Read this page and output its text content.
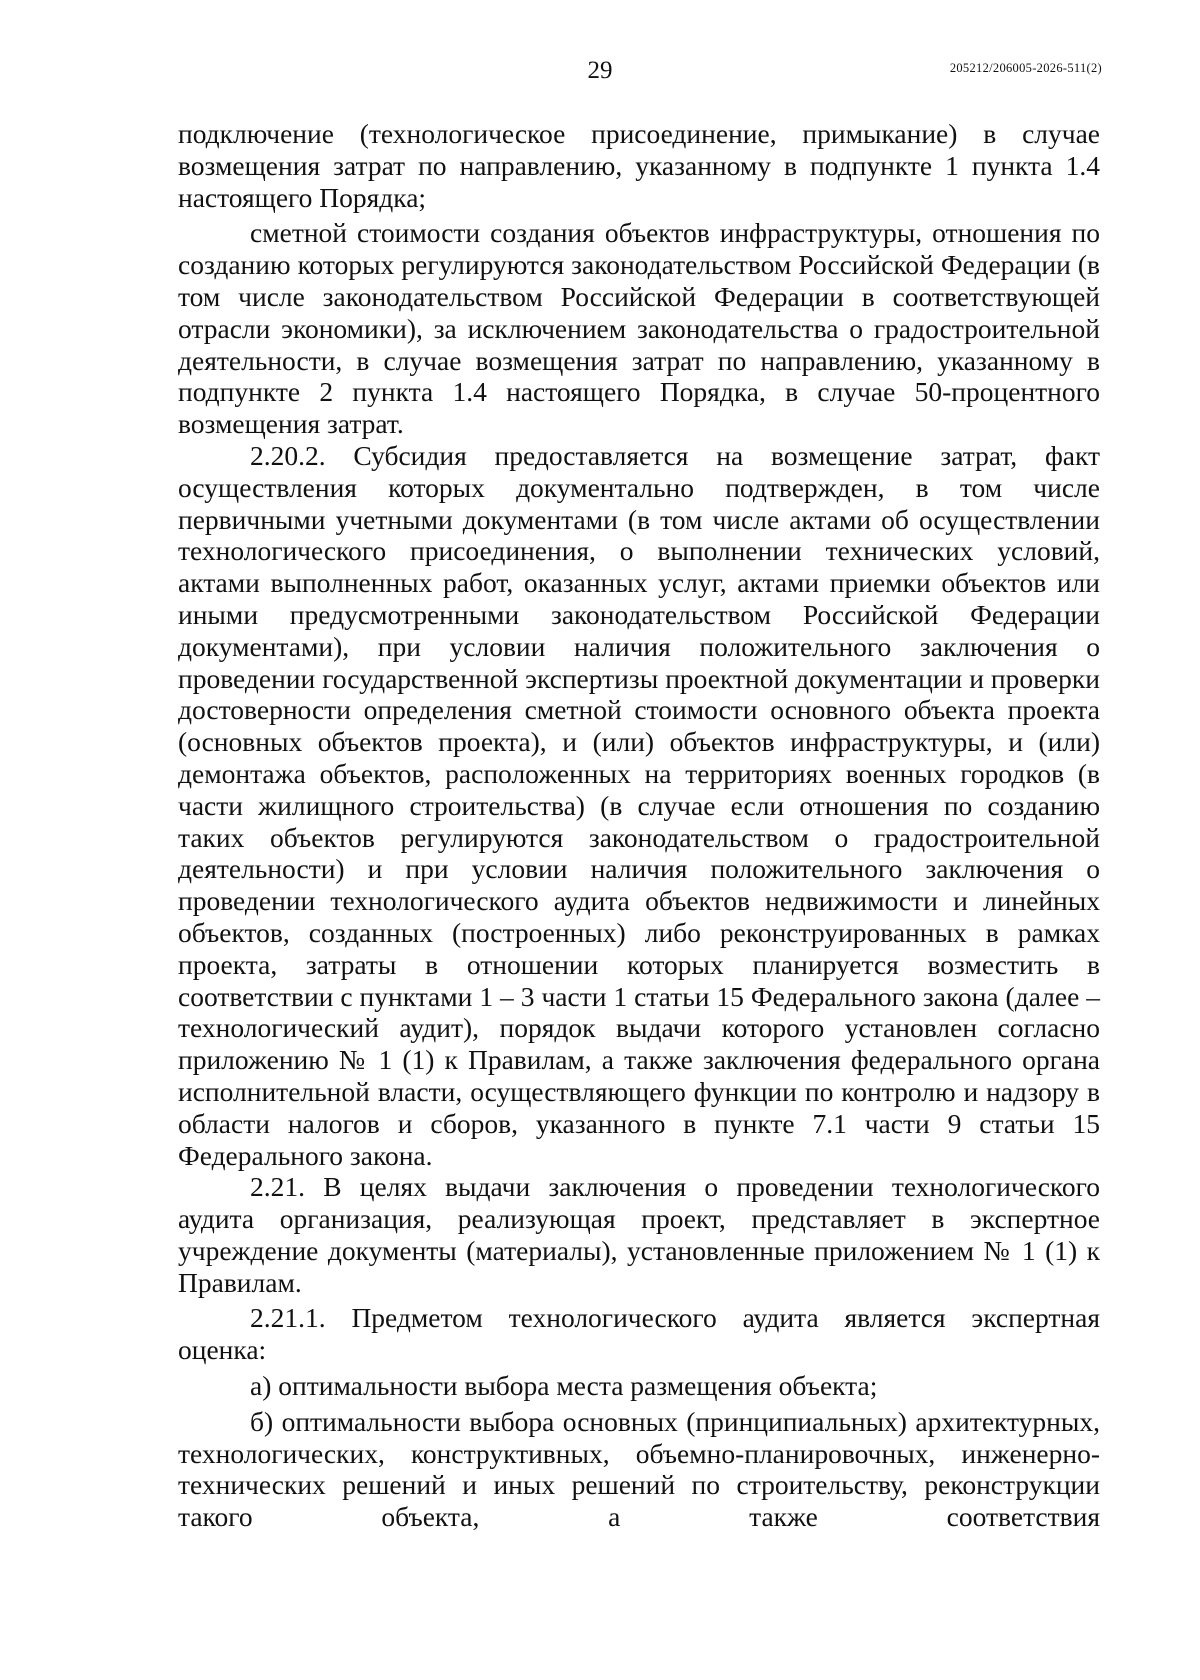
29	205212/206005-2026-511(2)

подключение (технологическое присоединение, примыкание) в случае возмещения затрат по направлению, указанному в подпункте 1 пункта 1.4 настоящего Порядка;

сметной стоимости создания объектов инфраструктуры, отношения по созданию которых регулируются законодательством Российской Федерации (в том числе законодательством Российской Федерации в соответствующей отрасли экономики), за исключением законодательства о градостроительной деятельности, в случае возмещения затрат по направлению, указанному в подпункте 2 пункта 1.4 настоящего Порядка, в случае 50-процентного возмещения затрат.

2.20.2. Субсидия предоставляется на возмещение затрат, факт осуществления которых документально подтвержден, в том числе первичными учетными документами (в том числе актами об осуществлении технологического присоединения, о выполнении технических условий, актами выполненных работ, оказанных услуг, актами приемки объектов или иными предусмотренными законодательством Российской Федерации документами), при условии наличия положительного заключения о проведении государственной экспертизы проектной документации и проверки достоверности определения сметной стоимости основного объекта проекта (основных объектов проекта), и (или) объектов инфраструктуры, и (или) демонтажа объектов, расположенных на территориях военных городков (в части жилищного строительства) (в случае если отношения по созданию таких объектов регулируются законодательством о градостроительной деятельности) и при условии наличия положительного заключения о проведении технологического аудита объектов недвижимости и линейных объектов, созданных (построенных) либо реконструированных в рамках проекта, затраты в отношении которых планируется возместить в соответствии с пунктами 1 – 3 части 1 статьи 15 Федерального закона (далее – технологический аудит), порядок выдачи которого установлен согласно приложению № 1 (1) к Правилам, а также заключения федерального органа исполнительной власти, осуществляющего функции по контролю и надзору в области налогов и сборов, указанного в пункте 7.1 части 9 статьи 15 Федерального закона.

2.21. В целях выдачи заключения о проведении технологического аудита организация, реализующая проект, представляет в экспертное учреждение документы (материалы), установленные приложением № 1 (1) к Правилам.

2.21.1. Предметом технологического аудита является экспертная оценка:

а) оптимальности выбора места размещения объекта;

б) оптимальности выбора основных (принципиальных) архитектурных, технологических, конструктивных, объемно-планировочных, инженерно-технических решений и иных решений по строительству, реконструкции такого объекта, а также соответствия
